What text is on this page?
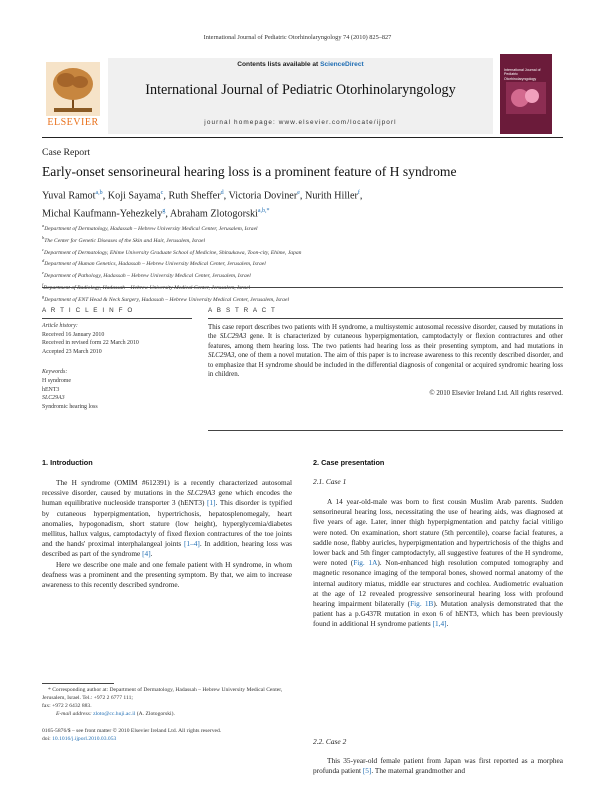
International Journal of Pediatric Otorhinolaryngology 74 (2010) 825–827
Contents lists available at ScienceDirect
International Journal of Pediatric Otorhinolaryngology
journal homepage: www.elsevier.com/locate/ijporl
ELSEVIER
International Journal of Pediatric Otorhinolaryngology
Case Report
Early-onset sensorineural hearing loss is a prominent feature of H syndrome
Yuval Ramot$^{a,b}$, Koji Sayama$^c$, Ruth Sheffer$^d$, Victoria Doviner$^e$, Nurith Hiller$^f$,
Michal Kaufmann-Yehezkely$^g$, Abraham Zlotogorski$^{a,b,*}$
$^a$Department of Dermatology, Hadassah – Hebrew University Medical Center, Jerusalem, Israel
$^b$The Center for Genetic Diseases of the Skin and Hair, Jerusalem, Israel
$^c$Department of Dermatology, Ehime University Graduate School of Medicine, Shitsukawa, Toon-city, Ehime, Japan
$^d$Department of Human Genetics, Hadassah – Hebrew University Medical Center, Jerusalem, Israel
$^e$Department of Pathology, Hadassah – Hebrew University Medical Center, Jerusalem, Israel
$^f$Department of Radiology, Hadassah – Hebrew University Medical Center, Jerusalem, Israel
$^g$Department of ENT Head & Neck Surgery, Hadassah – Hebrew University Medical Center, Jerusalem, Israel
A R T I C L E I N F O
Article history:
Received 16 January 2010
Received in revised form 22 March 2010
Accepted 23 March 2010
Keywords:
H syndrome
hENT3
SLC29A3
Syndromic hearing loss
A B S T R A C T
This case report describes two patients with H syndrome, a multisystemic autosomal recessive disorder, caused by mutations in the SLC29A3 gene. It is characterized by cutaneous hyperpigmentation, camptodactyly or flexion contractures and other features, among them hearing loss. The two patients had hearing loss as their presenting symptom, and had mutations in SLC29A3, one of them a novel mutation. The aim of this paper is to increase awareness to this recently described disorder, and to emphasize that H syndrome should be included in the differential diagnosis of congenital or acquired syndromic hearing loss in children.
© 2010 Elsevier Ireland Ltd. All rights reserved.
1. Introduction

The H syndrome (OMIM #612391) is a recently characterized autosomal recessive disorder, caused by mutations in the SLC29A3 gene which encodes the human equilibrative nucleoside transporter 3 (hENT3) [1]. This disorder is typified by cutaneous hyperpigmentation, hypertrichosis, hepatosplenomegaly, heart anomalies, hypogonadism, short stature (low height), hyperglycemia/diabetes mellitus, hallux valgus, camptodactyly of fixed flexion contractures of the toe joints and the hands' proximal interphalangeal joints [1–4]. In addition, hearing loss was described as part of the syndrome [4].

Here we describe one male and one female patient with H syndrome, in whom deafness was a prominent and the presenting symptom. By that, we aim to increase awareness to this recently described syndrome.

2. Case presentation
2.1. Case 1

A 14 year-old-male was born to first cousin Muslim Arab parents. Sudden sensorineural hearing loss, necessitating the use of hearing aids, was diagnosed at five years of age. Later, inner thigh hyperpigmentation and patchy facial vitiligo were noted. On examination, short stature (5th percentile), coarse facial features, a saddle nose, flabby auricles, hyperpigmentation and hypertrichosis of the thighs and lower back and 5th finger camptodactyly, all suggestive features of the H syndrome, were noted (Fig. 1A). Non-enhanced high resolution computed tomography and magnetic resonance imaging of the temporal bones, showed normal anatomy of the internal auditory miatus, middle ear structures and cochlea. Audiometric evaluation at the age of 12 revealed progressive sensorineural hearing loss with profound hearing impairment bilaterally (Fig. 1B). Mutation analysis demonstrated that the patient has a p.G437R mutation in exon 6 of hENT3, which has been previously found in additional H syndrome patients [1,4].

2.2. Case 2

This 35-year-old female patient from Japan was first reported as a morphea profunda patient [5]. The maternal grandmother and

* Corresponding author at: Department of Dermatology, Hadassah – Hebrew University Medical Center, Jerusalem, Israel. Tel.: +972 2 6777 111;
fax: +972 2 6432 883.
E-mail address: zloto@cc.huji.ac.il (A. Zlotogorski).
0165-5876/$ – see front matter © 2010 Elsevier Ireland Ltd. All rights reserved.
doi: 10.1016/j.ijporl.2010.03.053
